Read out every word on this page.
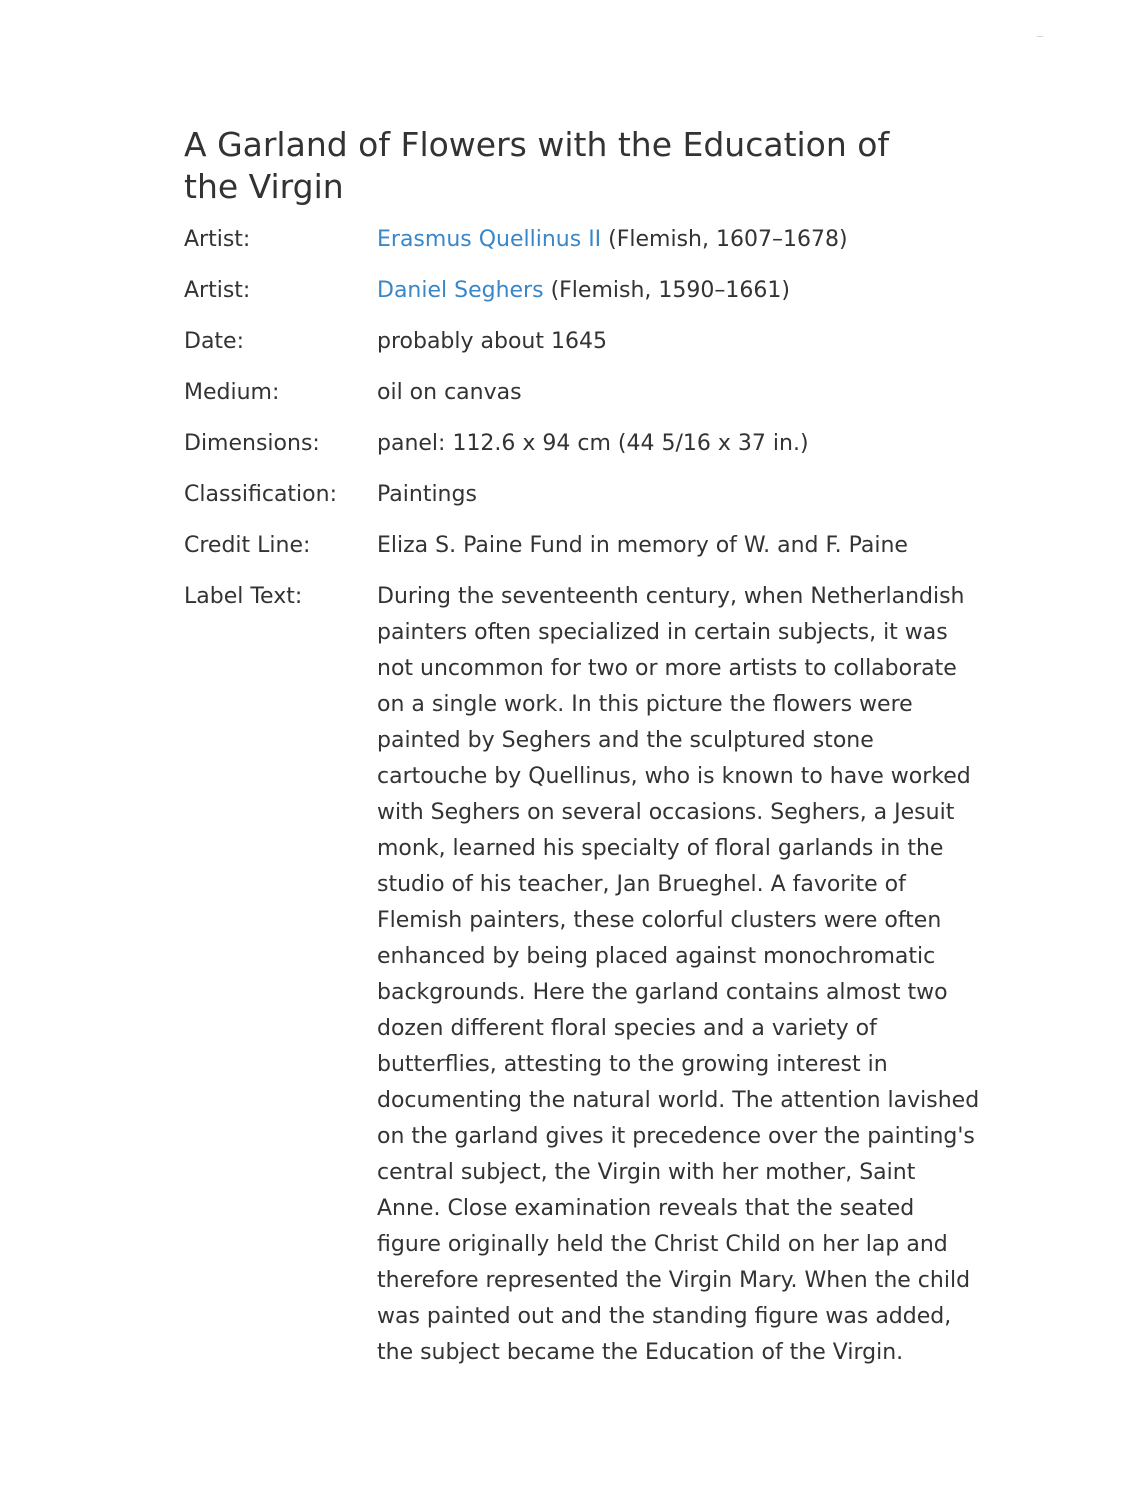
A Garland of Flowers with the Education of the Virgin
Artist:	Erasmus Quellinus II (Flemish, 1607–1678)
Artist:	Daniel Seghers (Flemish, 1590–1661)
Date:	probably about 1645
Medium:	oil on canvas
Dimensions:	panel: 112.6 x 94 cm (44 5/16 x 37 in.)
Classification:	Paintings
Credit Line:	Eliza S. Paine Fund in memory of W. and F. Paine
Label Text:	During the seventeenth century, when Netherlandish painters often specialized in certain subjects, it was not uncommon for two or more artists to collaborate on a single work. In this picture the flowers were painted by Seghers and the sculptured stone cartouche by Quellinus, who is known to have worked with Seghers on several occasions. Seghers, a Jesuit monk, learned his specialty of floral garlands in the studio of his teacher, Jan Brueghel. A favorite of Flemish painters, these colorful clusters were often enhanced by being placed against monochromatic backgrounds. Here the garland contains almost two dozen different floral species and a variety of butterflies, attesting to the growing interest in documenting the natural world. The attention lavished on the garland gives it precedence over the painting's central subject, the Virgin with her mother, Saint Anne. Close examination reveals that the seated figure originally held the Christ Child on her lap and therefore represented the Virgin Mary. When the child was painted out and the standing figure was added, the subject became the Education of the Virgin.
